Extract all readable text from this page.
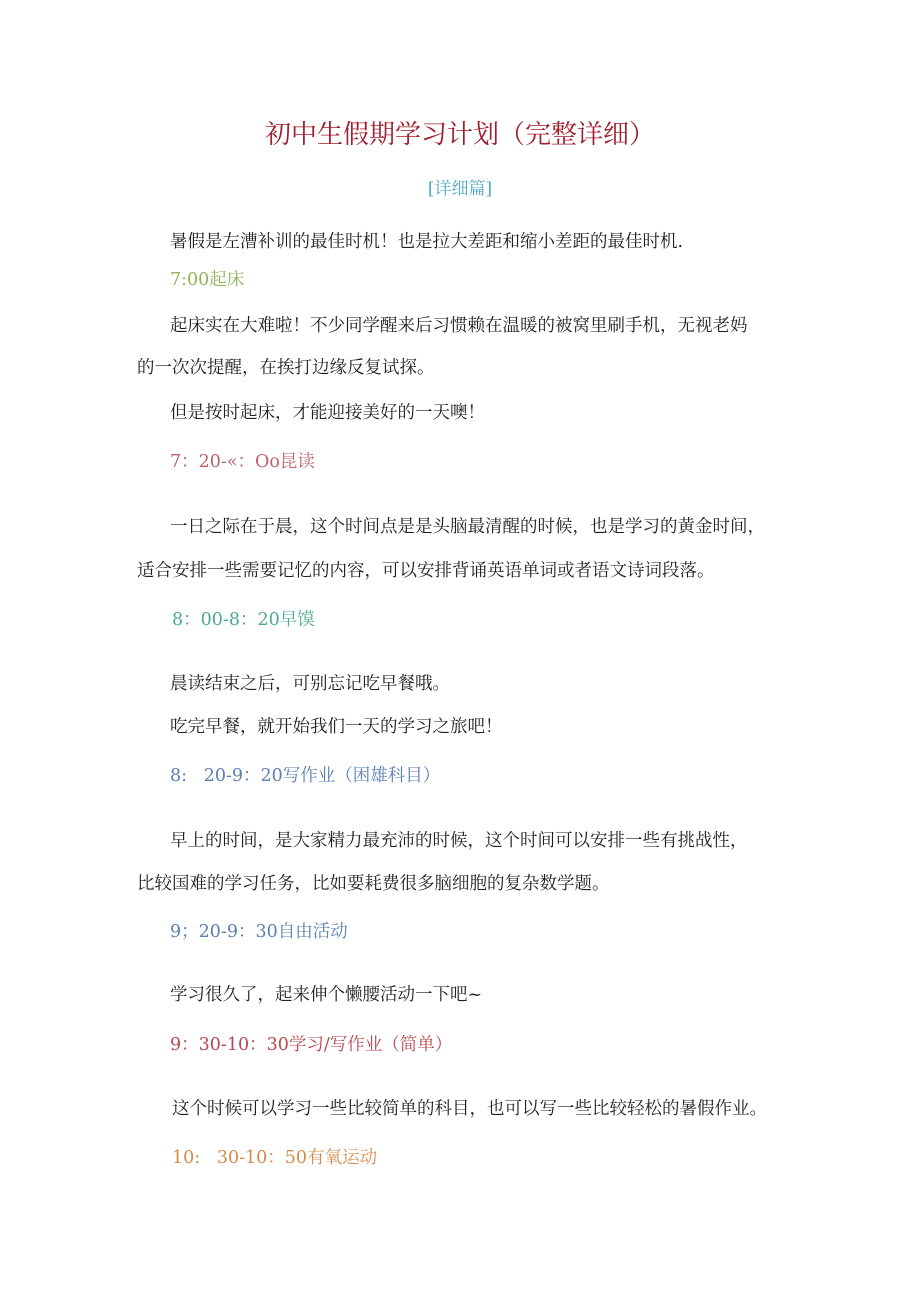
初中生假期学习计划（完整详细）
[详细篇]
暑假是左漕补训的最佳时机！也是拉大差距和缩小差距的最佳时机.
7:00起床
起床实在大难啦！不少同学醒来后习惯赖在温暖的被窝里刷手机，无视老妈
的一次次提醒，在挨打边缘反复试探。
但是按时起床，才能迎接美好的一天噢！
7：20-«：Oo昆读
一日之际在于晨，这个时间点是是头脑最清醒的时候，也是学习的黄金时间，
适合安排一些需要记忆的内容，可以安排背诵英语单词或者语文诗词段落。
8：00-8：20早馍
晨读结束之后，可别忘记吃早餐哦。
吃完早餐，就开始我们一天的学习之旅吧！
8:   20-9：20写作业（困雄科目）
早上的时间，是大家精力最充沛的时候，这个时间可以安排一些有挑战性，
比较国难的学习任务，比如要耗费很多脑细胞的复杂数学题。
9；20-9：30自由活动
学习很久了，起来伸个懒腰活动一下吧~
9：30-10：30学习/写作业（简单）
这个时候可以学习一些比较简单的科目，也可以写一些比较轻松的暑假作业。
10:   30-10：50有氧运动
